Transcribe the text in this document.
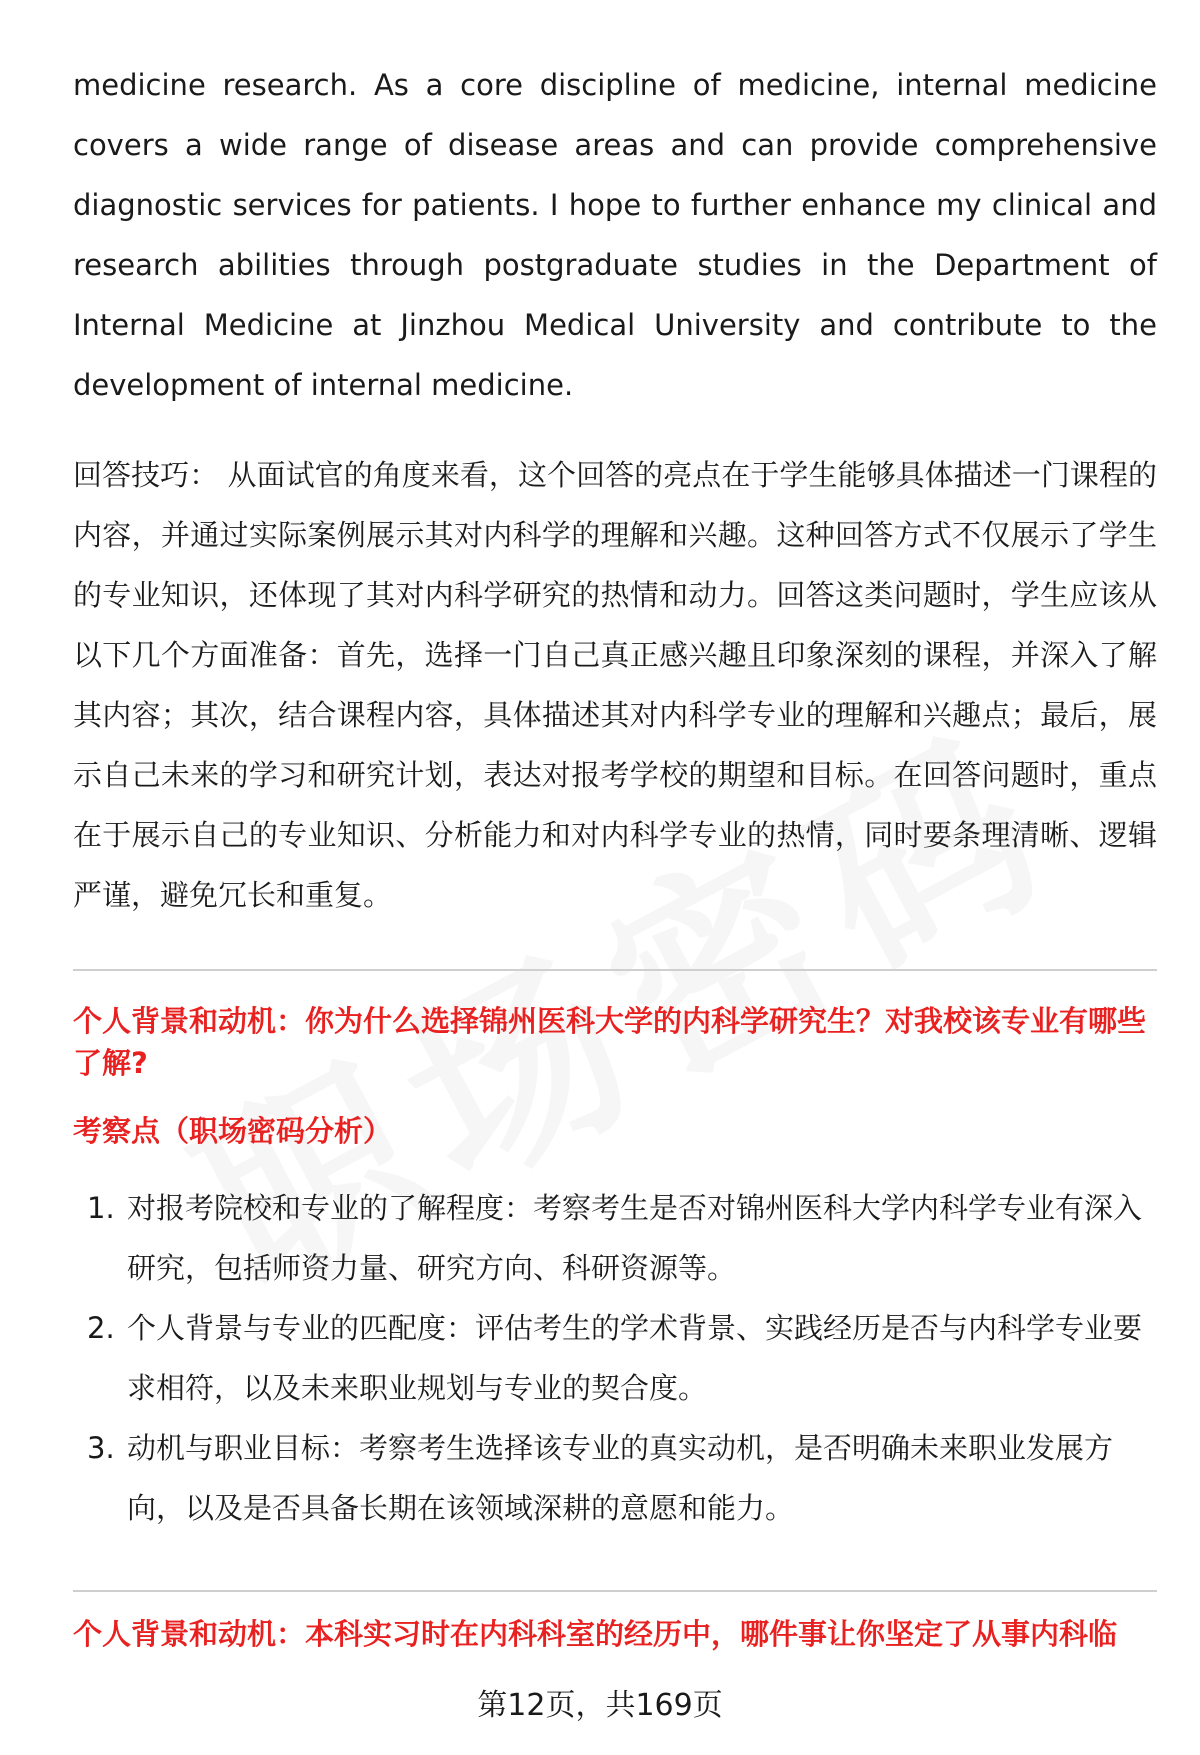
medicine research. As a core discipline of medicine, internal medicine covers a wide range of disease areas and can provide comprehensive diagnostic services for patients. I hope to further enhance my clinical and research abilities through postgraduate studies in the Department of Internal Medicine at Jinzhou Medical University and contribute to the development of internal medicine.

回答技巧： 从面试官的角度来看，这个回答的亮点在于学生能够具体描述一门课程的内容，并通过实际案例展示其对内科学的理解和兴趣。这种回答方式不仅展示了学生的专业知识，还体现了其对内科学研究的热情和动力。回答这类问题时，学生应该从以下几个方面准备：首先，选择一门自己真正感兴趣且印象深刻的课程，并深入了解其内容；其次，结合课程内容，具体描述其对内科学专业的理解和兴趣点；最后，展示自己未来的学习和研究计划，表达对报考学校的期望和目标。在回答问题时，重点在于展示自己的专业知识、分析能力和对内科学专业的热情，同时要条理清晰、逻辑严谨，避免冗长和重复。

个人背景和动机：你为什么选择锦州医科大学的内科学研究生？对我校该专业有哪些了解?

考察点（职场密码分析）
1. 对报考院校和专业的了解程度：考察考生是否对锦州医科大学内科学专业有深入研究，包括师资力量、研究方向、科研资源等。
2. 个人背景与专业的匹配度：评估考生的学术背景、实践经历是否与内科学专业要求相符，以及未来职业规划与专业的契合度。
3. 动机与职业目标：考察考生选择该专业的真实动机，是否明确未来职业发展方向，以及是否具备长期在该领域深耕的意愿和能力。

个人背景和动机：本科实习时在内科科室的经历中，哪件事让你坚定了从事内科临

第12页，共169页
